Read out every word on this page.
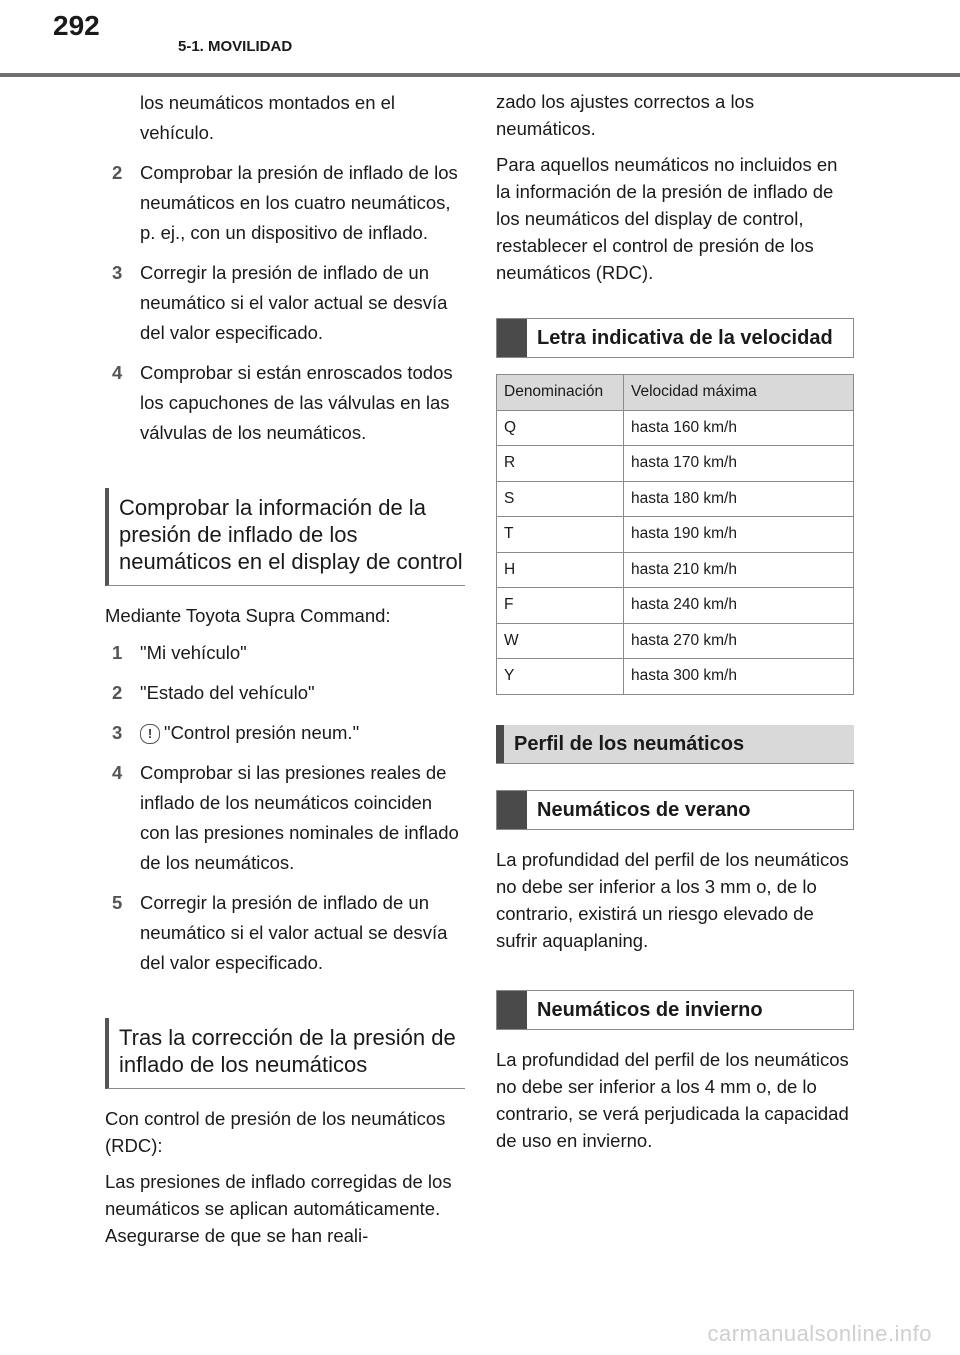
292
5-1. MOVILIDAD
los neumáticos montados en el vehículo.
2 Comprobar la presión de inflado de los neumáticos en los cuatro neumáticos, p. ej., con un dispositivo de inflado.
3 Corregir la presión de inflado de un neumático si el valor actual se desvía del valor especificado.
4 Comprobar si están enroscados todos los capuchones de las válvulas en las válvulas de los neumáticos.
Comprobar la información de la presión de inflado de los neumáticos en el display de control

Mediante Toyota Supra Command:

1 "Mi vehículo"
2 "Estado del vehículo"
3 ! "Control presión neum."
4 Comprobar si las presiones reales de inflado de los neumáticos coinciden con las presiones nominales de inflado de los neumáticos.
5 Corregir la presión de inflado de un neumático si el valor actual se desvía del valor especificado.
Tras la corrección de la presión de inflado de los neumáticos

Con control de presión de los neumáticos (RDC):

Las presiones de inflado corregidas de los neumáticos se aplican automáticamente. Asegurarse de que se han reali-

zado los ajustes correctos a los neumáticos.

Para aquellos neumáticos no incluidos en la información de la presión de inflado de los neumáticos del display de control, restablecer el control de presión de los neumáticos (RDC).

Letra indicativa de la velocidad
Denominación	Velocidad máxima
Q	hasta 160 km/h
R	hasta 170 km/h
S	hasta 180 km/h
T	hasta 190 km/h
H	hasta 210 km/h
F	hasta 240 km/h
W	hasta 270 km/h
Y	hasta 300 km/h
Perfil de los neumáticos
Neumáticos de verano

La profundidad del perfil de los neumáticos no debe ser inferior a los 3 mm o, de lo contrario, existirá un riesgo elevado de sufrir aquaplaning.

Neumáticos de invierno

La profundidad del perfil de los neumáticos no debe ser inferior a los 4 mm o, de lo contrario, se verá perjudicada la capacidad de uso en invierno.

carmanualsonline.info
